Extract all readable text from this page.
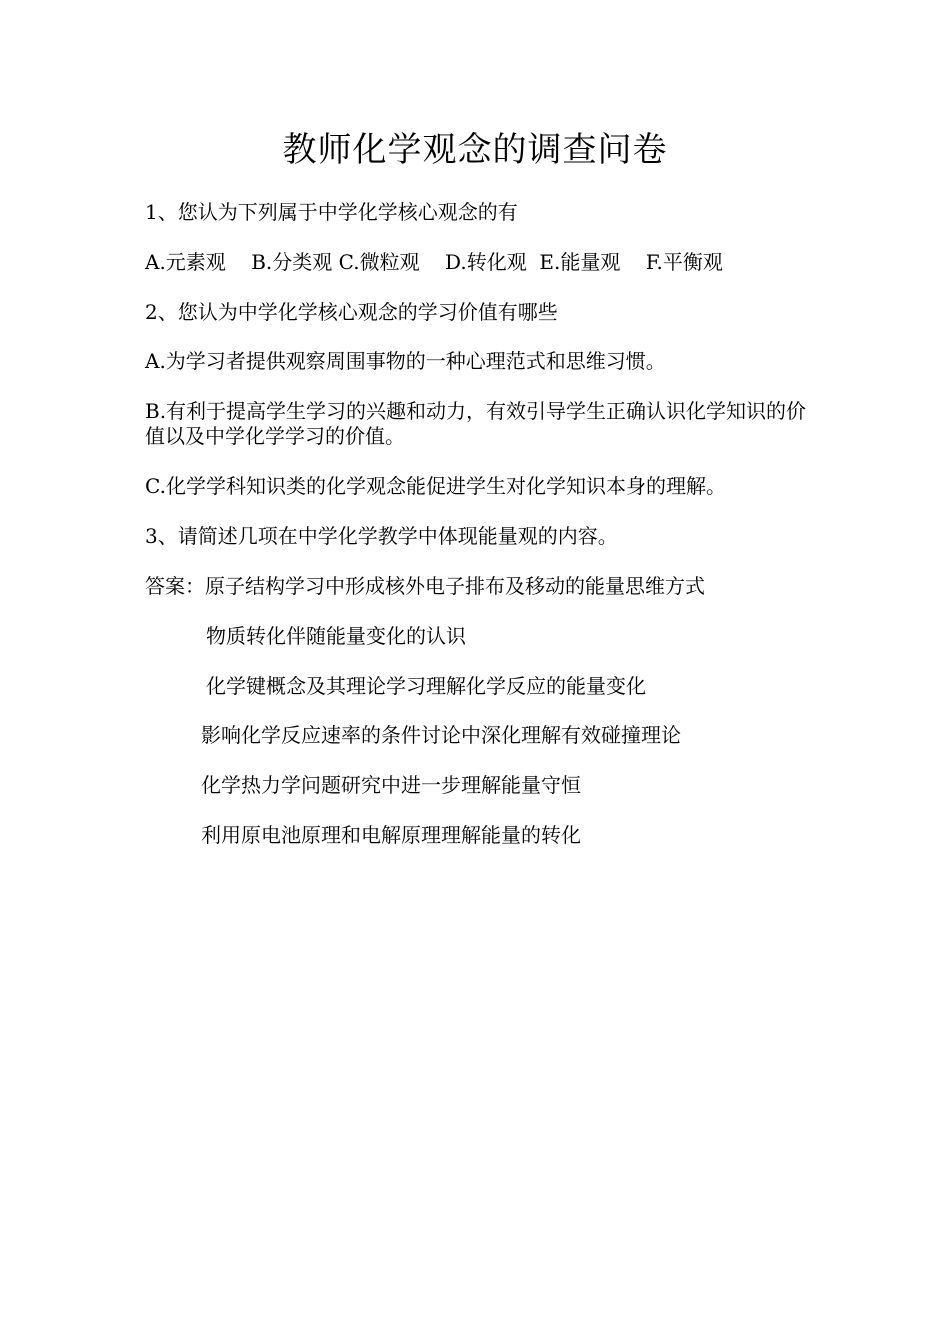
教师化学观念的调查问卷
1、您认为下列属于中学化学核心观念的有
A.元素观    B.分类观 C.微粒观    D.转化观  E.能量观    F.平衡观
2、您认为中学化学核心观念的学习价值有哪些
A.为学习者提供观察周围事物的一种心理范式和思维习惯。
B.有利于提高学生学习的兴趣和动力，有效引导学生正确认识化学知识的价值以及中学化学学习的价值。
C.化学学科知识类的化学观念能促进学生对化学知识本身的理解。
3、请简述几项在中学化学教学中体现能量观的内容。
答案：原子结构学习中形成核外电子排布及移动的能量思维方式
物质转化伴随能量变化的认识
化学键概念及其理论学习理解化学反应的能量变化
影响化学反应速率的条件讨论中深化理解有效碰撞理论
化学热力学问题研究中进一步理解能量守恒
利用原电池原理和电解原理理解能量的转化
